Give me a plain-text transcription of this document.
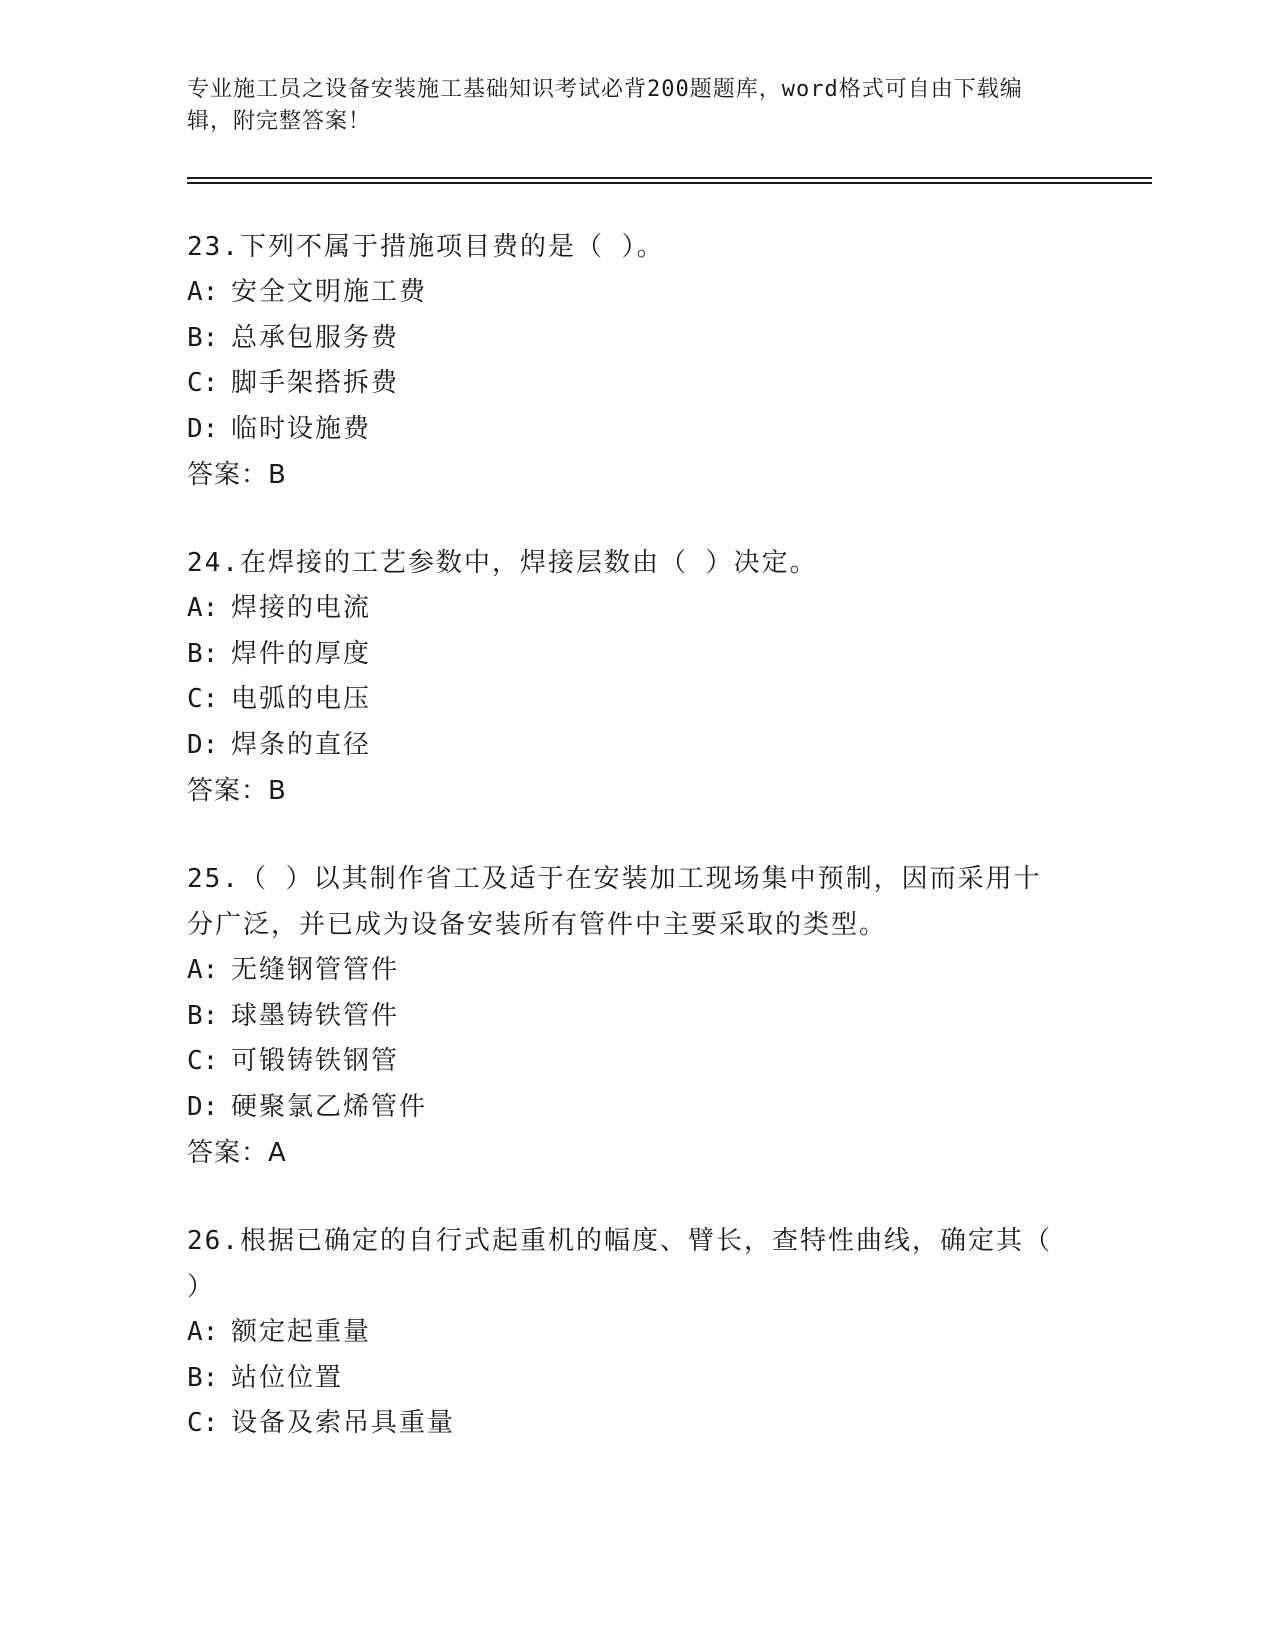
专业施工员之设备安装施工基础知识考试必背200题题库，word格式可自由下载编辑，附完整答案！

23.下列不属于措施项目费的是（ ）。

A: 安全文明施工费

B: 总承包服务费

C: 脚手架搭拆费

D: 临时设施费

答案：B

24.在焊接的工艺参数中，焊接层数由（ ）决定。

A: 焊接的电流

B: 焊件的厚度

C: 电弧的电压

D: 焊条的直径

答案：B

25.（ ）以其制作省工及适于在安装加工现场集中预制，因而采用十分广泛，并已成为设备安装所有管件中主要采取的类型。

A: 无缝钢管管件

B: 球墨铸铁管件

C: 可锻铸铁钢管

D: 硬聚氯乙烯管件

答案：A

26.根据已确定的自行式起重机的幅度、臂长，查特性曲线，确定其（ ）

A: 额定起重量

B: 站位位置

C: 设备及索吊具重量
